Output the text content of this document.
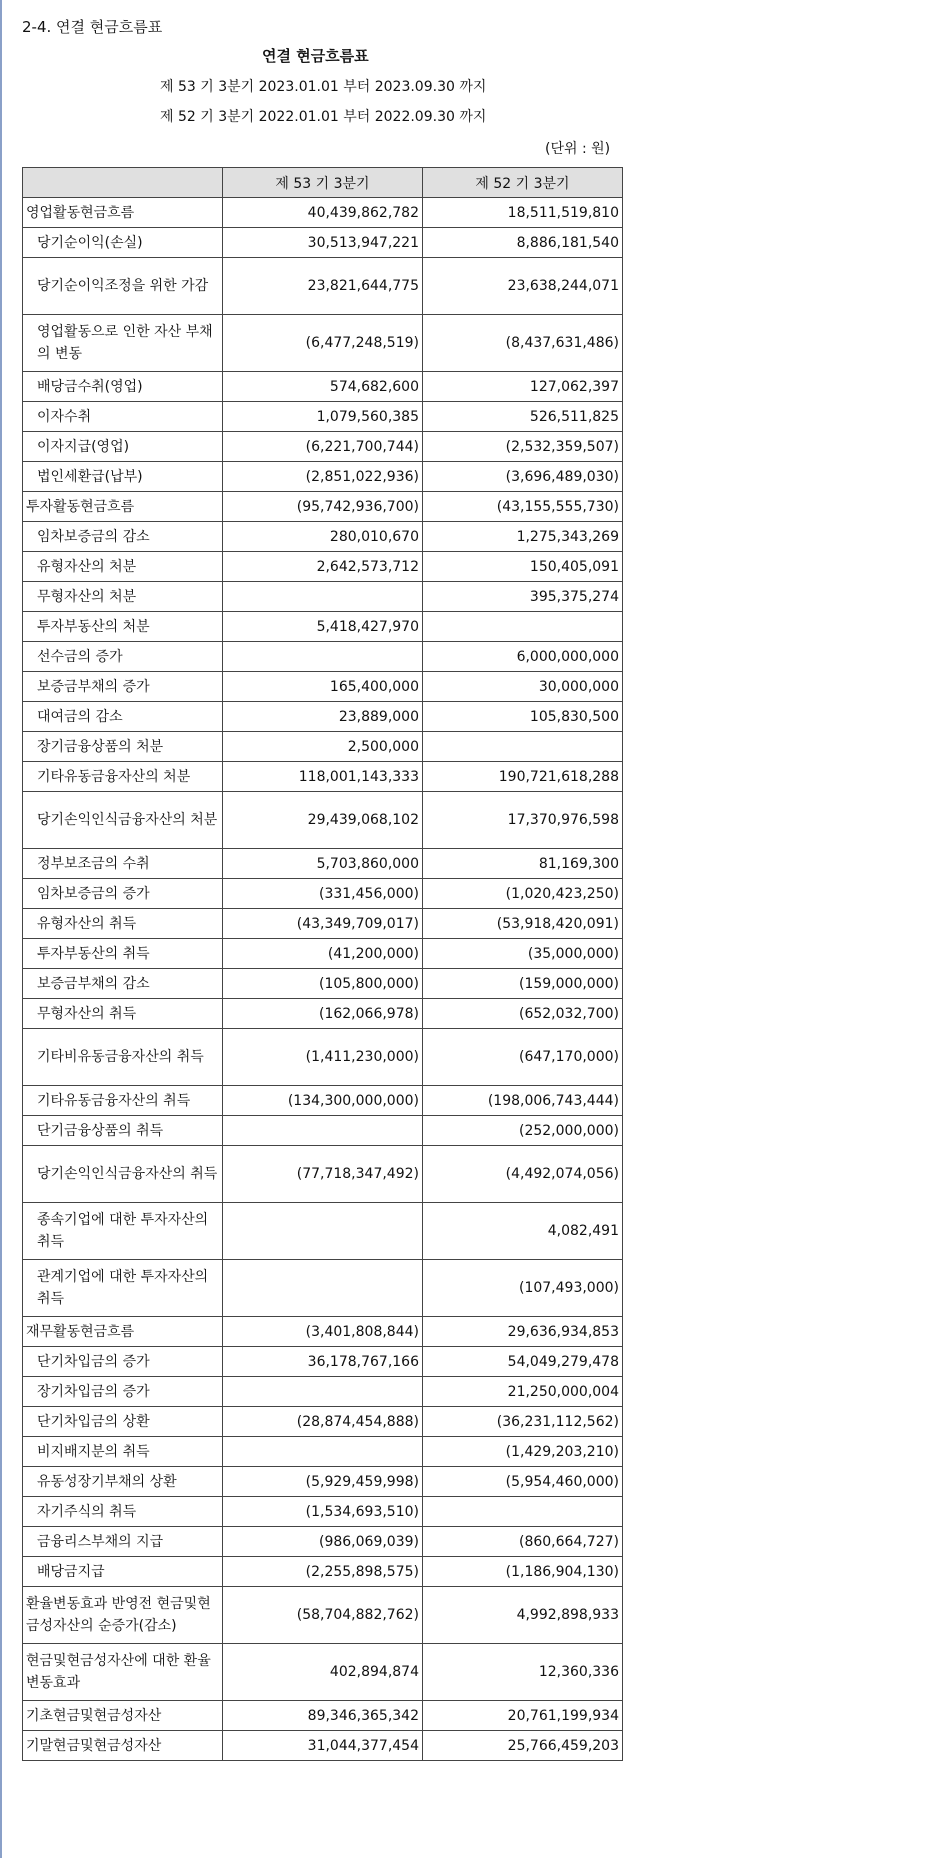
2-4. 연결 현금흐름표
연결 현금흐름표
제 53 기 3분기 2023.01.01 부터 2023.09.30 까지
제 52 기 3분기 2022.01.01 부터 2022.09.30 까지
(단위 : 원)
	제 53 기 3분기	제 52 기 3분기
영업활동현금흐름	40,439,862,782	18,511,519,810
당기순이익(손실)	30,513,947,221	8,886,181,540
당기순이익조정을 위한 가감	23,821,644,775	23,638,244,071
영업활동으로 인한 자산 부채의 변동	(6,477,248,519)	(8,437,631,486)
배당금수취(영업)	574,682,600	127,062,397
이자수취	1,079,560,385	526,511,825
이자지급(영업)	(6,221,700,744)	(2,532,359,507)
법인세환급(납부)	(2,851,022,936)	(3,696,489,030)
투자활동현금흐름	(95,742,936,700)	(43,155,555,730)
임차보증금의 감소	280,010,670	1,275,343,269
유형자산의 처분	2,642,573,712	150,405,091
무형자산의 처분		395,375,274
투자부동산의 처분	5,418,427,970	
선수금의 증가		6,000,000,000
보증금부채의 증가	165,400,000	30,000,000
대여금의 감소	23,889,000	105,830,500
장기금융상품의 처분	2,500,000	
기타유동금융자산의 처분	118,001,143,333	190,721,618,288
당기손익인식금융자산의 처분	29,439,068,102	17,370,976,598
정부보조금의 수취	5,703,860,000	81,169,300
임차보증금의 증가	(331,456,000)	(1,020,423,250)
유형자산의 취득	(43,349,709,017)	(53,918,420,091)
투자부동산의 취득	(41,200,000)	(35,000,000)
보증금부채의 감소	(105,800,000)	(159,000,000)
무형자산의 취득	(162,066,978)	(652,032,700)
기타비유동금융자산의 취득	(1,411,230,000)	(647,170,000)
기타유동금융자산의 취득	(134,300,000,000)	(198,006,743,444)
단기금융상품의 취득		(252,000,000)
당기손익인식금융자산의 취득	(77,718,347,492)	(4,492,074,056)
종속기업에 대한 투자자산의 취득		4,082,491
관계기업에 대한 투자자산의 취득		(107,493,000)
재무활동현금흐름	(3,401,808,844)	29,636,934,853
단기차입금의 증가	36,178,767,166	54,049,279,478
장기차입금의 증가		21,250,000,004
단기차입금의 상환	(28,874,454,888)	(36,231,112,562)
비지배지분의 취득		(1,429,203,210)
유동성장기부채의 상환	(5,929,459,998)	(5,954,460,000)
자기주식의 취득	(1,534,693,510)	
금융리스부채의 지급	(986,069,039)	(860,664,727)
배당금지급	(2,255,898,575)	(1,186,904,130)
환율변동효과 반영전 현금및현금성자산의 순증가(감소)	(58,704,882,762)	4,992,898,933
현금및현금성자산에 대한 환율변동효과	402,894,874	12,360,336
기초현금및현금성자산	89,346,365,342	20,761,199,934
기말현금및현금성자산	31,044,377,454	25,766,459,203
